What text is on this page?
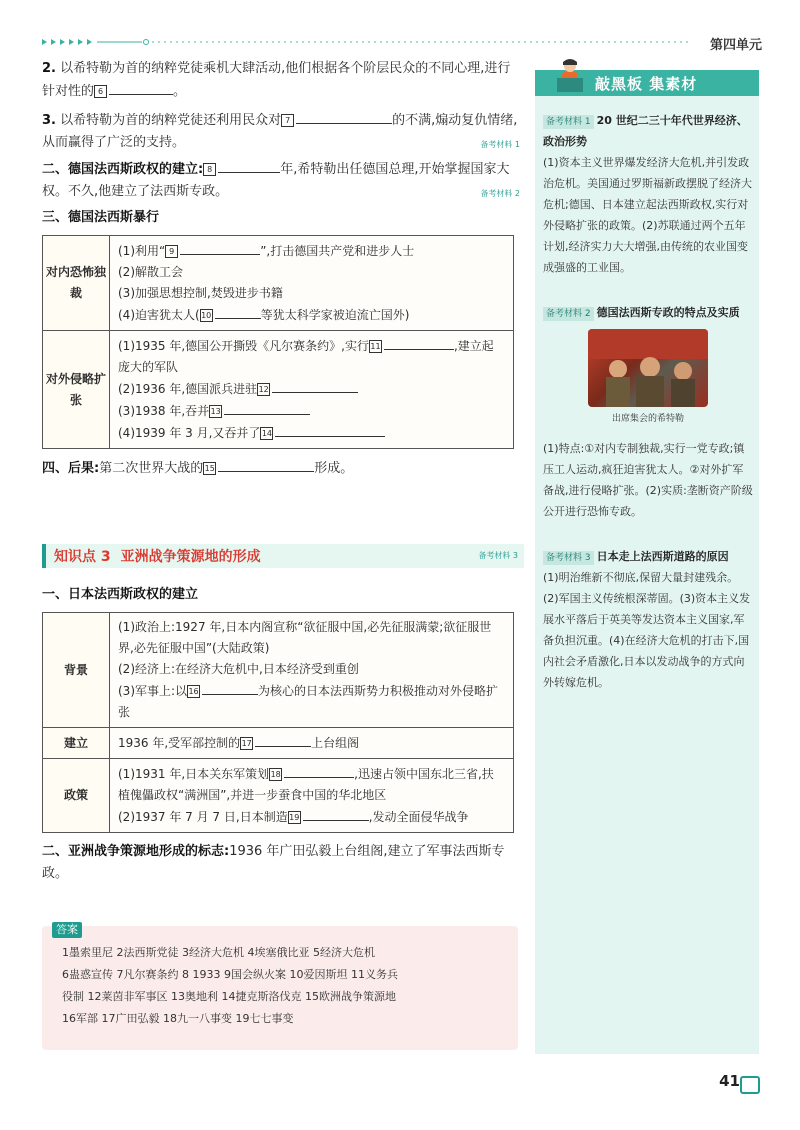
第四单元

2. 以希特勒为首的纳粹党徒乘机大肆活动,他们根据各个阶层民众的不同心理,进行针对性的 6	。

3. 以希特勒为首的纳粹党徒还利用民众对 7	的不满,煽动复仇情绪,从而赢得了广泛的支持。	备考材料 1

二、德国法西斯政权的建立: 8	年,希特勒出任德国总理,开始掌握国家大权。不久,他建立了法西斯专政。	备考材料 2

三、德国法西斯暴行

对内恐怖独裁	(1)利用“ 9 ”,打击德国共产党和进步人士
(2)解散工会
(3)加强思想控制,焚毁进步书籍
(4)迫害犹太人(10 等犹太科学家被迫流亡国外)

对外侵略扩张	(1)1935 年,德国公开撕毁《凡尔赛条约》,实行11 ,建立起庞大的军队
(2)1936 年,德国派兵进驻12
(3)1938 年,吞并13
(4)1939 年 3 月,又吞并了14

四、后果:第二次世界大战的15	形成。

知识点 3 亚洲战争策源地的形成	备考材料 3

一、日本法西斯政权的建立

背景	(1)政治上:1927 年,日本内阁宣称“欲征服中国,必先征服满蒙;欲征服世界,必先征服中国”(大陆政策)
(2)经济上:在经济大危机中,日本经济受到重创
(3)军事上:以16 为核心的日本法西斯势力积极推动对外侵略扩张

建立	1936 年,受军部控制的17 上台组阁

政策	(1)1931 年,日本关东军策划18 ,迅速占领中国东北三省,扶植傀儡政权“满洲国”,并进一步蚕食中国的华北地区
(2)1937 年 7 月 7 日,日本制造19 ,发动全面侵华战争

二、亚洲战争策源地形成的标志:1936 年广田弘毅上台组阁,建立了军事法西斯专政。

答案
1墨索里尼 2法西斯党徒 3经济大危机 4埃塞俄比亚 5经济大危机
6蛊惑宣传 7凡尔赛条约 8 1933 9国会纵火案 10爱因斯坦 11义务兵
役制 12莱茵非军事区 13奥地利 14捷克斯洛伐克 15欧洲战争策源地
16军部 17广田弘毅 18九一八事变 19七七事变
敲黑板 集素材
备考材料 1 20 世纪二三十年代世界经济、政治形势
(1)资本主义世界爆发经济大危机,并引发政治危机。美国通过罗斯福新政摆脱了经济大危机;德国、日本建立起法西斯政权,实行对外侵略扩张的政策。(2)苏联通过两个五年计划,经济实力大大增强,由传统的农业国变成强盛的工业国。
备考材料 2 德国法西斯专政的特点及实质
出席集会的希特勒
(1)特点:①对内专制独裁,实行一党专政;镇压工人运动,疯狂迫害犹太人。②对外扩军备战,进行侵略扩张。(2)实质:垄断资产阶级公开进行恐怖专政。
备考材料 3 日本走上法西斯道路的原因
(1)明治维新不彻底,保留大量封建残余。(2)军国主义传统根深蒂固。(3)资本主义发展水平落后于英美等发达资本主义国家,军备负担沉重。(4)在经济大危机的打击下,国内社会矛盾激化,日本以发动战争的方式向外转嫁危机。
41
